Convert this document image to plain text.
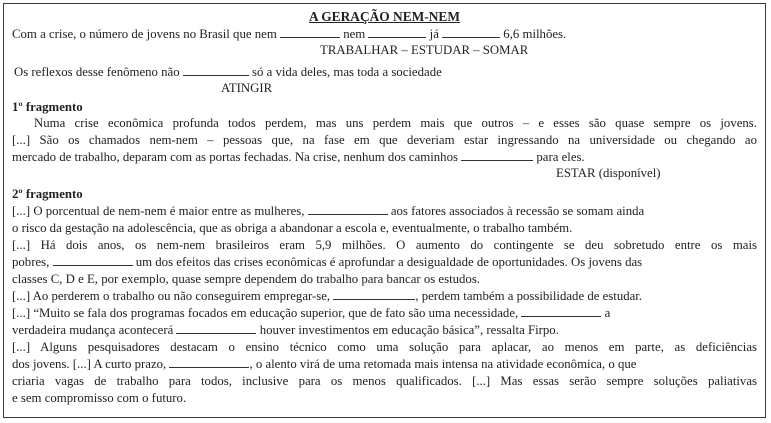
A GERAÇÃO NEM-NEM
Com a crise, o número de jovens no Brasil que nem	nem	já	6,6 milhões.
TRABALHAR – ESTUDAR – SOMAR
Os reflexos desse fenômeno não	só a vida deles, mas toda a sociedade
ATINGIR
1º fragmento
Numa crise econômica profunda todos perdem, mas uns perdem mais que outros – e esses são quase sempre os jovens.
[...] São os chamados nem-nem – pessoas que, na fase em que deveriam estar ingressando na universidade ou chegando ao
mercado de trabalho, deparam com as portas fechadas. Na crise, nenhum dos caminhos	para eles.
ESTAR (disponível)
2º fragmento
[...] O porcentual de nem-nem é maior entre as mulheres,	aos fatores associados à recessão se somam ainda
o risco da gestação na adolescência, que as obriga a abandonar a escola e, eventualmente, o trabalho também.
[...] Há dois anos, os nem-nem brasileiros eram 5,9 milhões. O aumento do contingente se deu sobretudo entre os mais
pobres,	um dos efeitos das crises econômicas é aprofundar a desigualdade de oportunidades. Os jovens das
classes C, D e E, por exemplo, quase sempre dependem do trabalho para bancar os estudos.
[...] Ao perderem o trabalho ou não conseguirem empregar-se,	, perdem também a possibilidade de estudar.
[...] “Muito se fala dos programas focados em educação superior, que de fato são uma necessidade,	a
verdadeira mudança acontecerá	houver investimentos em educação básica”, ressalta Firpo.
[...] Alguns pesquisadores destacam o ensino técnico como uma solução para aplacar, ao menos em parte, as deficiências
dos jovens. [...] A curto prazo,	, o alento virá de uma retomada mais intensa na atividade econômica, o que
criaria vagas de trabalho para todos, inclusive para os menos qualificados. [...] Mas essas serão sempre soluções paliativas
e sem compromisso com o futuro.
